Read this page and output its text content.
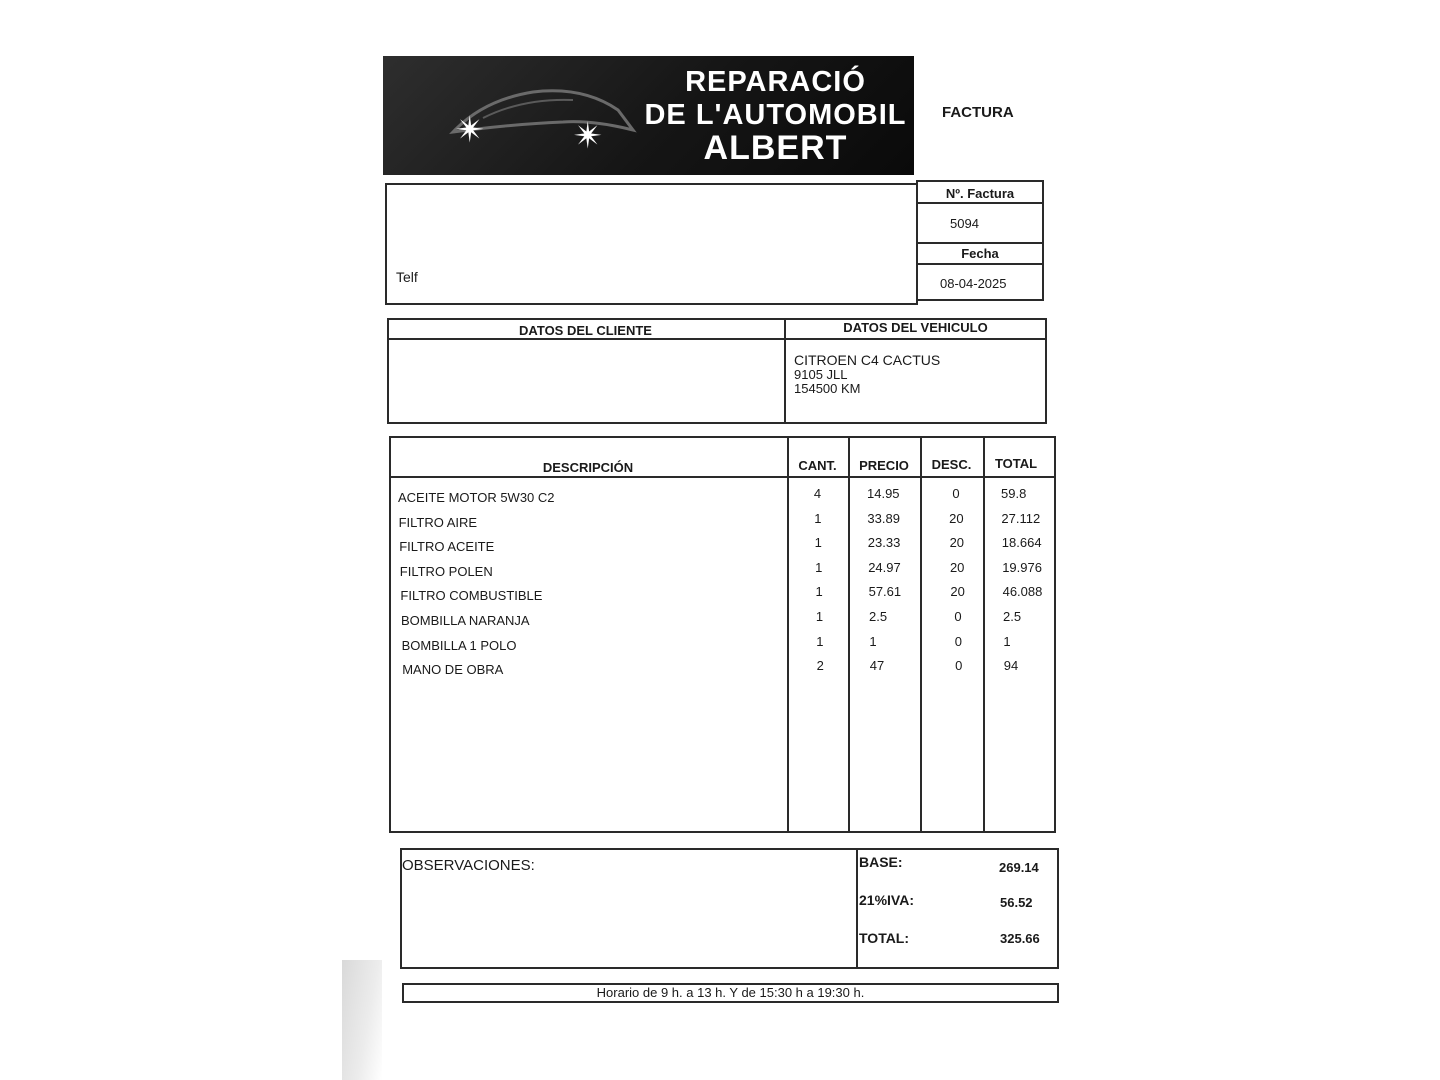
✴ ✴
REPARACIÓ
DE L'AUTOMOBIL
ALBERT
FACTURA
Telf
Nº. Factura
5094
Fecha
08-04-2025
DATOS DEL CLIENTE	DATOS DEL VEHICULO
CITROEN C4 CACTUS
9105 JLL
154500 KM
DESCRIPCIÓN	CANT.	PRECIO	DESC.	TOTAL
ACEITE MOTOR 5W30 C2	4	14.95	0	59.8
FILTRO AIRE	1	33.89	20	27.112
FILTRO ACEITE	1	23.33	20	18.664
FILTRO POLEN	1	24.97	20	19.976
FILTRO COMBUSTIBLE	1	57.61	20	46.088
BOMBILLA NARANJA	1	2.5	0	2.5
BOMBILLA 1 POLO	1	1	0	1
MANO DE OBRA	2	47	0	94
OBSERVACIONES:	BASE:	269.14
21%IVA:	56.52
TOTAL:	325.66
Horario de 9 h. a 13 h. Y de 15:30 h a 19:30 h.
